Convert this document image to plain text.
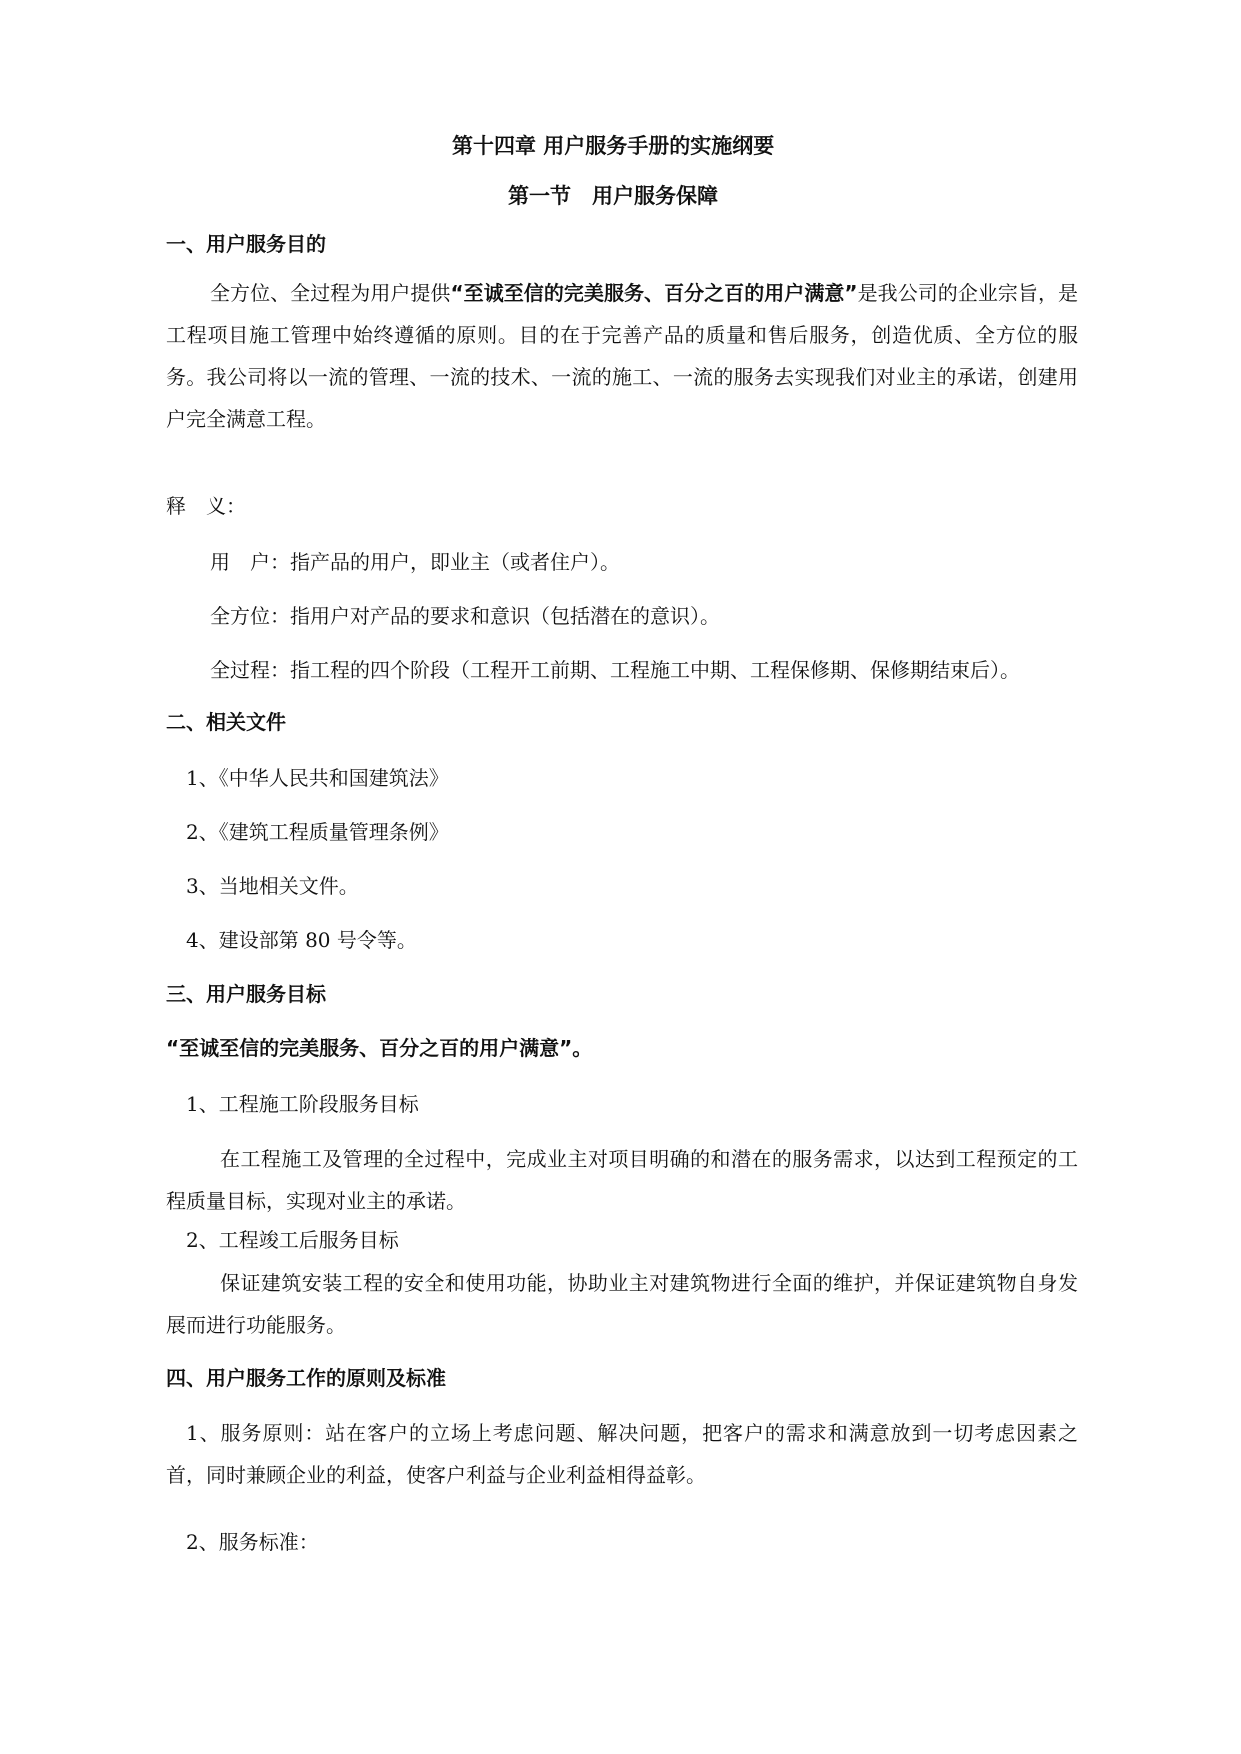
第十四章 用户服务手册的实施纲要
第一节　用户服务保障
一、用户服务目的
全方位、全过程为用户提供“至诚至信的完美服务、百分之百的用户满意”是我公司的企业宗旨，是工程项目施工管理中始终遵循的原则。目的在于完善产品的质量和售后服务，创造优质、全方位的服务。我公司将以一流的管理、一流的技术、一流的施工、一流的服务去实现我们对业主的承诺，创建用户完全满意工程。
释　义：
用　户：指产品的用户，即业主（或者住户）。
全方位：指用户对产品的要求和意识（包括潜在的意识）。
全过程：指工程的四个阶段（工程开工前期、工程施工中期、工程保修期、保修期结束后）。
二、相关文件
1、《中华人民共和国建筑法》
2、《建筑工程质量管理条例》
3、当地相关文件。
4、建设部第 80 号令等。
三、用户服务目标
“至诚至信的完美服务、百分之百的用户满意”。
1、工程施工阶段服务目标
在工程施工及管理的全过程中，完成业主对项目明确的和潜在的服务需求，以达到工程预定的工程质量目标，实现对业主的承诺。
2、工程竣工后服务目标
保证建筑安装工程的安全和使用功能，协助业主对建筑物进行全面的维护，并保证建筑物自身发展而进行功能服务。
四、用户服务工作的原则及标准
1、服务原则：站在客户的立场上考虑问题、解决问题，把客户的需求和满意放到一切考虑因素之首，同时兼顾企业的利益，使客户利益与企业利益相得益彰。
2、服务标准：
